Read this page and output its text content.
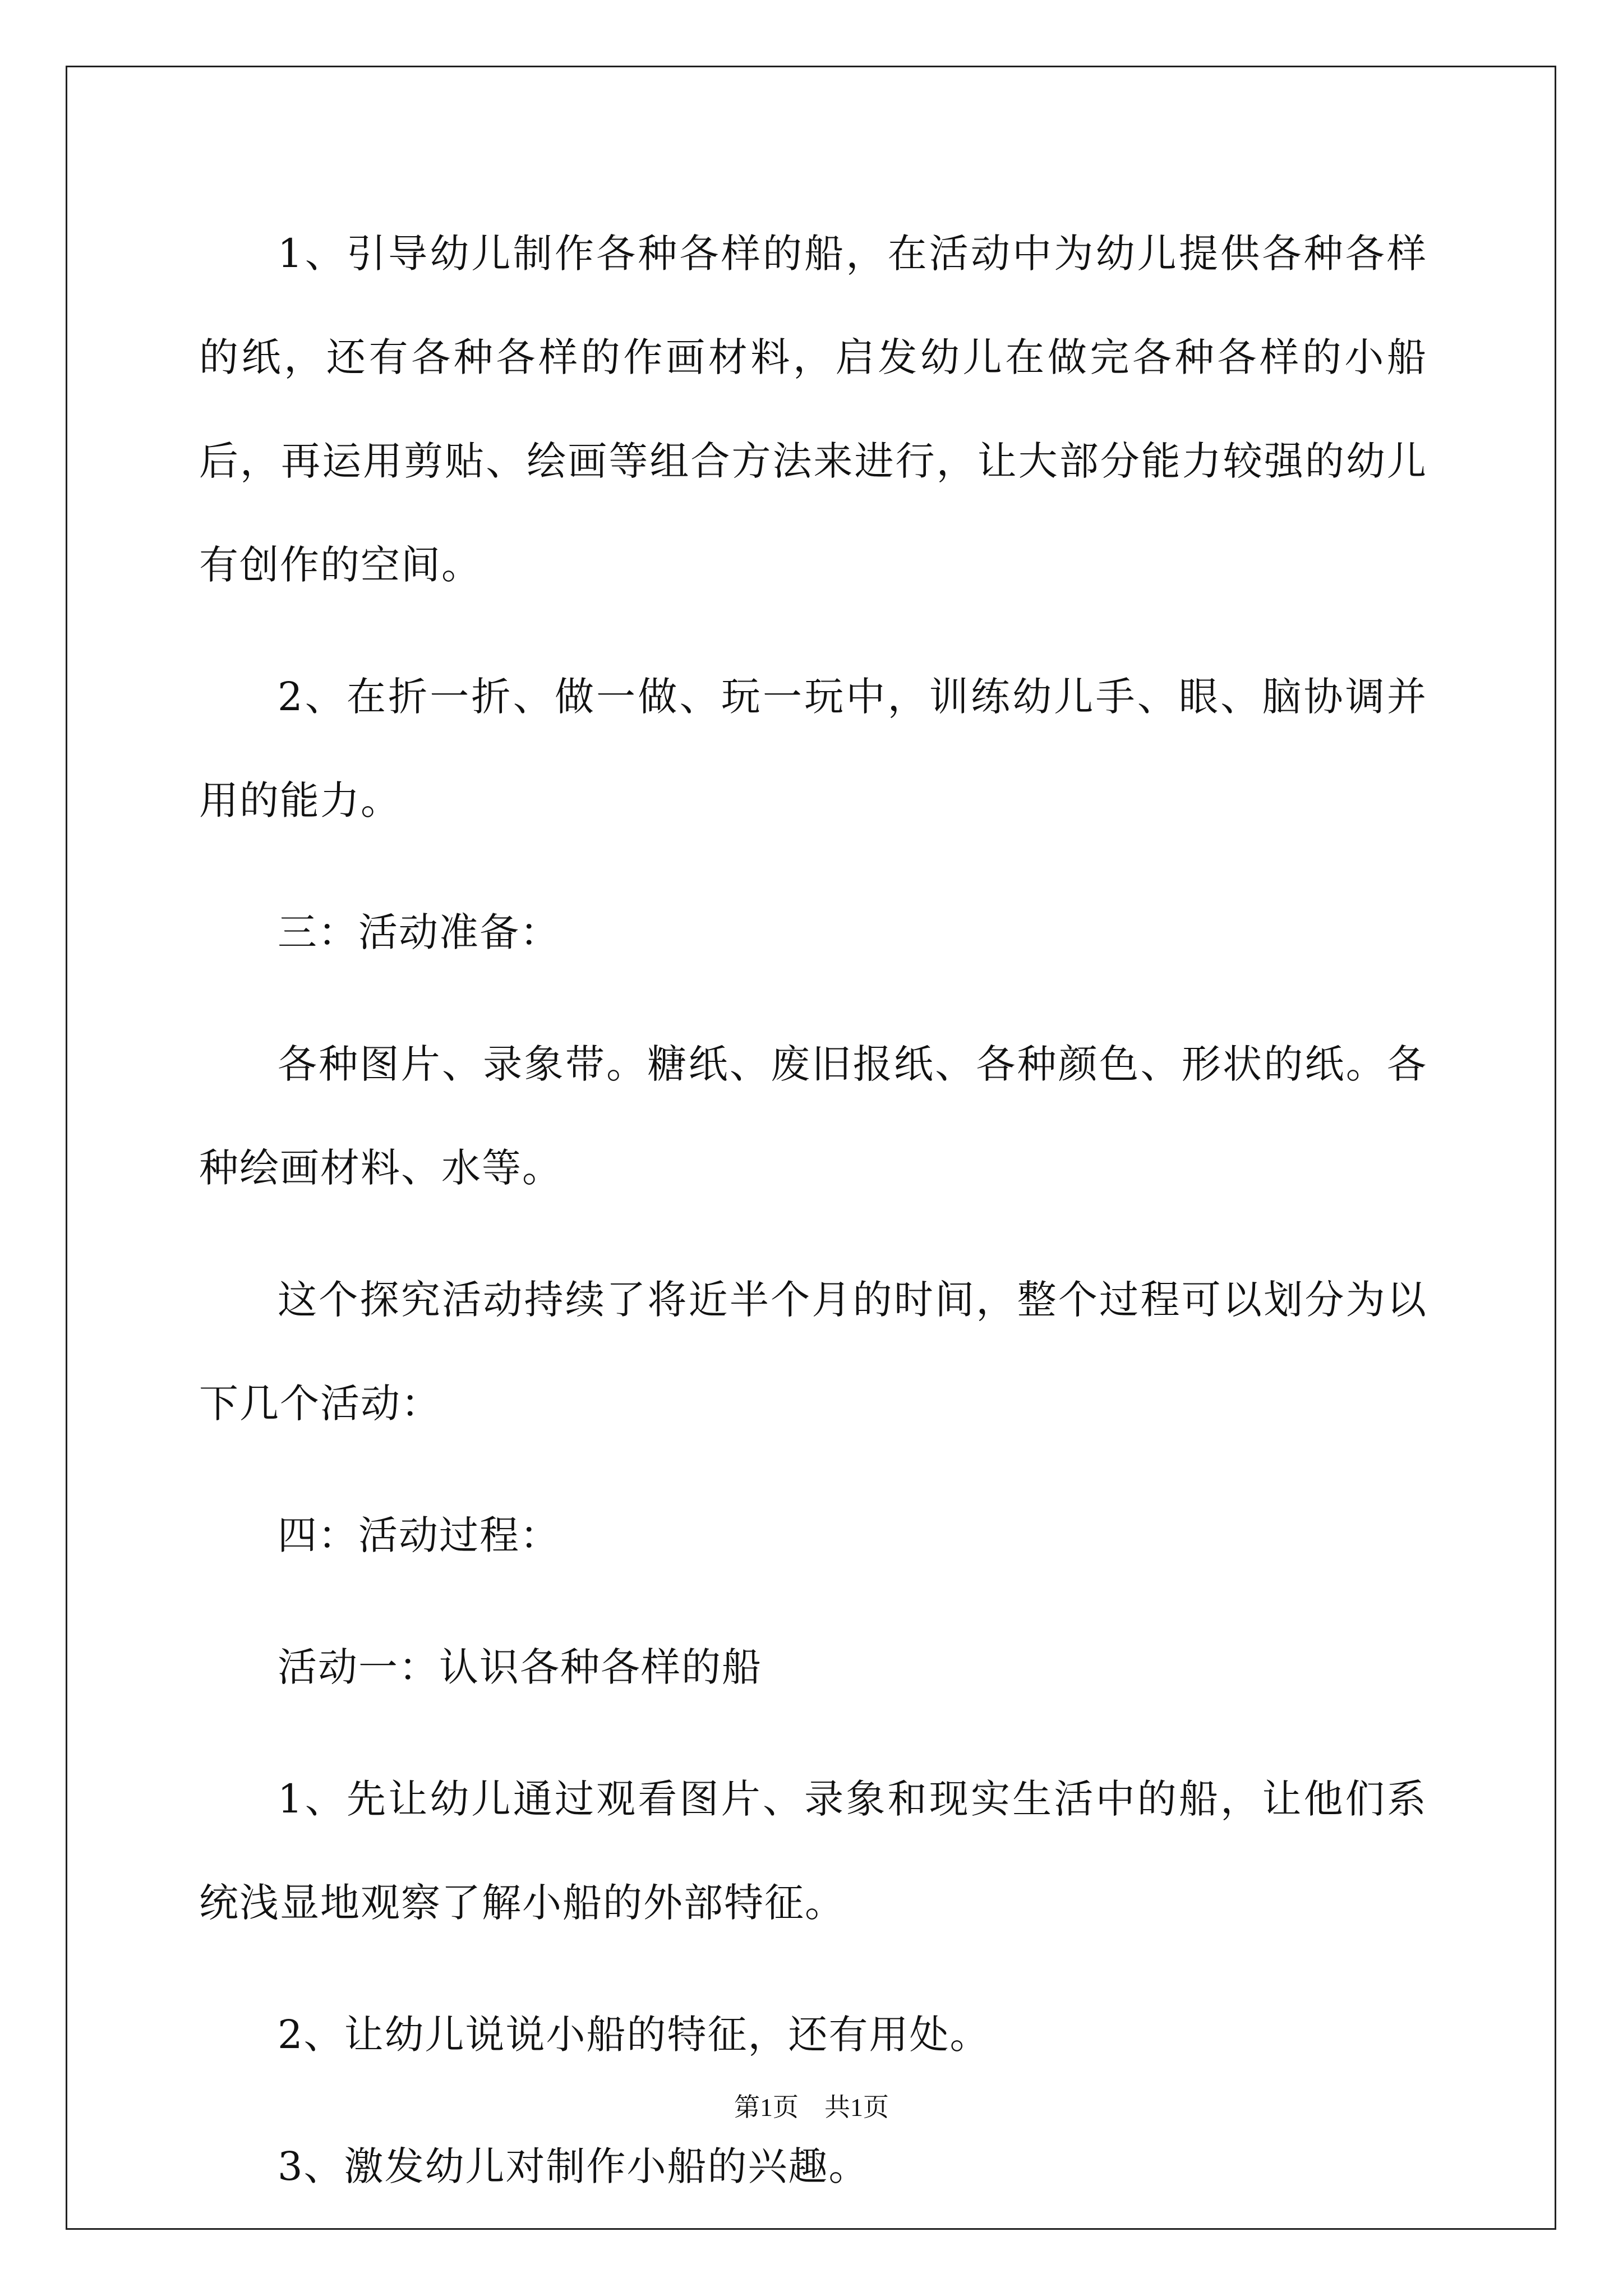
1、引导幼儿制作各种各样的船，在活动中为幼儿提供各种各样的纸，还有各种各样的作画材料，启发幼儿在做完各种各样的小船后，再运用剪贴、绘画等组合方法来进行，让大部分能力较强的幼儿有创作的空间。

2、在折一折、做一做、玩一玩中，训练幼儿手、眼、脑协调并用的能力。

三：活动准备：

各种图片、录象带。糖纸、废旧报纸、各种颜色、形状的纸。各种绘画材料、水等。

这个探究活动持续了将近半个月的时间，整个过程可以划分为以下几个活动：

四：活动过程：

活动一：认识各种各样的船

1、先让幼儿通过观看图片、录象和现实生活中的船，让他们系统浅显地观察了解小船的外部特征。

2、让幼儿说说小船的特征，还有用处。

3、激发幼儿对制作小船的兴趣。

第1页 共1页
